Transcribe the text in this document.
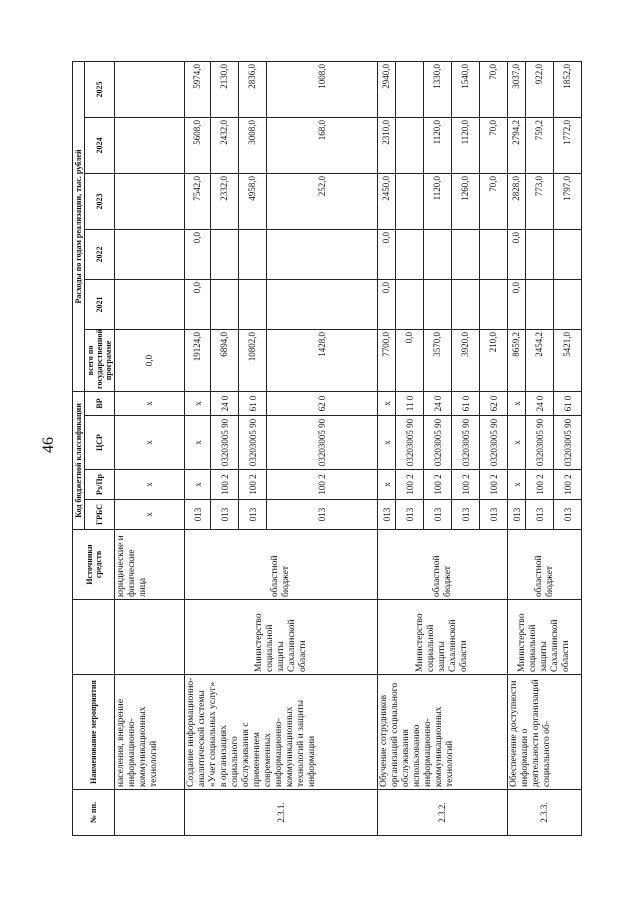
46
№ пп.	Наименование мероприятия		Источники средств	Код бюджетной классификации				Расходы по годам реализации, тыс. рублей					
				ГРБС	Рз/Пр	ЦСР	ВР	всего по государственной программе	2021	2022	2023	2024	2025
	населения, внедрение информационно-коммуникационных технологий		юридические и физические лица	х	х	х	х	0,0					
2.3.1.	Создание информационно-аналитической системы «Учет социальных услуг» в организациях социального обслуживания с применением современных информационно-коммуникационных технологий и защиты информации	Министерство социальной защиты Сахалинской области	областной бюджет	013	х	х	х	19124,0	0,0	0,0	7542,0	5608,0	5974,0
				013	100 2	03203005 90	24 0	6894,0			2332,0	2432,0	2130,0
				013	100 2	03203005 90	61 0	10802,0			4958,0	3008,0	2836,0
				013	100 2	03203005 90	62 0	1428,0			252,0	168,0	1008,0
2.3.2.	Обучение сотрудников организаций социального обслуживания использованию информационно-коммуникационных технологий	Министерство социальной защиты Сахалинской области	областной бюджет	013	х	х	х	7700,0	0,0	0,0	2450,0	2310,0	2940,0
				013	100 2	03203005 90	11 0	0,0					
				013	100 2	03203005 90	24 0	3570,0			1120,0	1120,0	1330,0
				013	100 2	03203005 90	61 0	3920,0			1260,0	1120,0	1540,0
				013	100 2	03203005 90	62 0	210,0			70,0	70,0	70,0
2.3.3.	Обеспечение доступности информации о деятельности организаций социального об-	Министерство социальной защиты Сахалинской области	областной бюджет	013	х	х	х	8659,2	0,0	0,0	2828,0	2794,2	3037,0
				013	100 2	03203005 90	24 0	2454,2			773,0	759,2	922,0
				013	100 2	03203005 90	61 0	5421,0			1797,0	1772,0	1852,0
